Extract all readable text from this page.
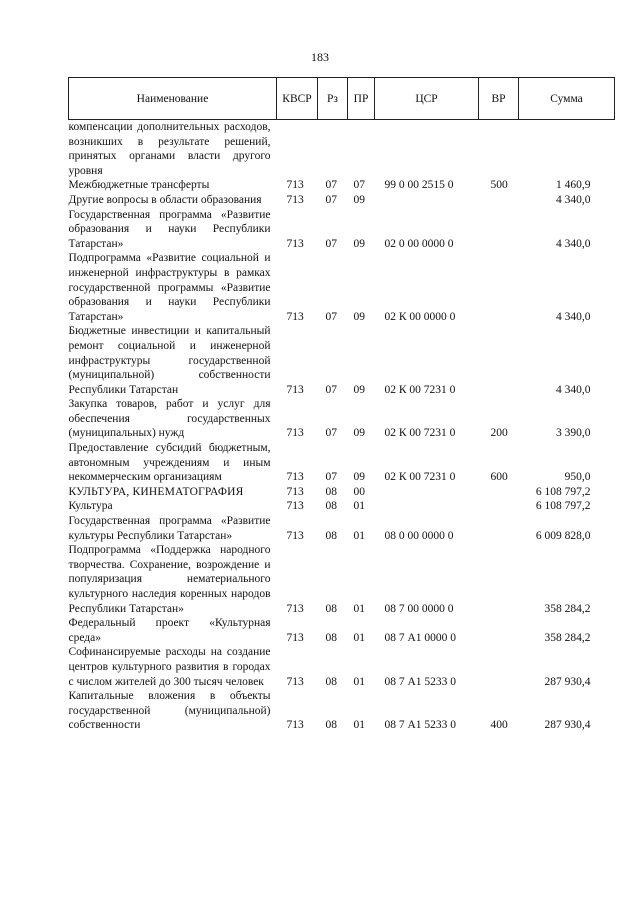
183
Наименование	КВСР	Рз	ПР	ЦСР	ВР	Сумма
компенсации дополнительных расходов, возникших в результате решений, принятых органами власти другого уровня						
Межбюджетные трансферты	713	07	07	99 0 00 2515 0	500	1 460,9
Другие вопросы в области образования	713	07	09			4 340,0
Государственная программа «Развитие образования и науки Республики Татарстан»	713	07	09	02 0 00 0000 0		4 340,0
Подпрограмма «Развитие социальной и инженерной инфраструктуры в рамках государственной программы «Развитие образования и науки Республики Татарстан»	713	07	09	02 К 00 0000 0		4 340,0
Бюджетные инвестиции и капитальный ремонт социальной и инженерной инфраструктуры государственной (муниципальной) собственности Республики Татарстан	713	07	09	02 К 00 7231 0		4 340,0
Закупка товаров, работ и услуг для обеспечения государственных (муниципальных) нужд	713	07	09	02 К 00 7231 0	200	3 390,0
Предоставление субсидий бюджетным, автономным учреждениям и иным некоммерческим организациям	713	07	09	02 К 00 7231 0	600	950,0
КУЛЬТУРА, КИНЕМАТОГРАФИЯ	713	08	00			6 108 797,2
Культура	713	08	01			6 108 797,2
Государственная программа «Развитие культуры Республики Татарстан»	713	08	01	08 0 00 0000 0		6 009 828,0
Подпрограмма «Поддержка народного творчества. Сохранение, возрождение и популяризация нематериального культурного наследия коренных народов Республики Татарстан»	713	08	01	08 7 00 0000 0		358 284,2
Федеральный проект «Культурная среда»	713	08	01	08 7 А1 0000 0		358 284,2
Софинансируемые расходы на создание центров культурного развития в городах с числом жителей до 300 тысяч человек	713	08	01	08 7 А1 5233 0		287 930,4
Капитальные вложения в объекты государственной (муниципальной) собственности	713	08	01	08 7 А1 5233 0	400	287 930,4
